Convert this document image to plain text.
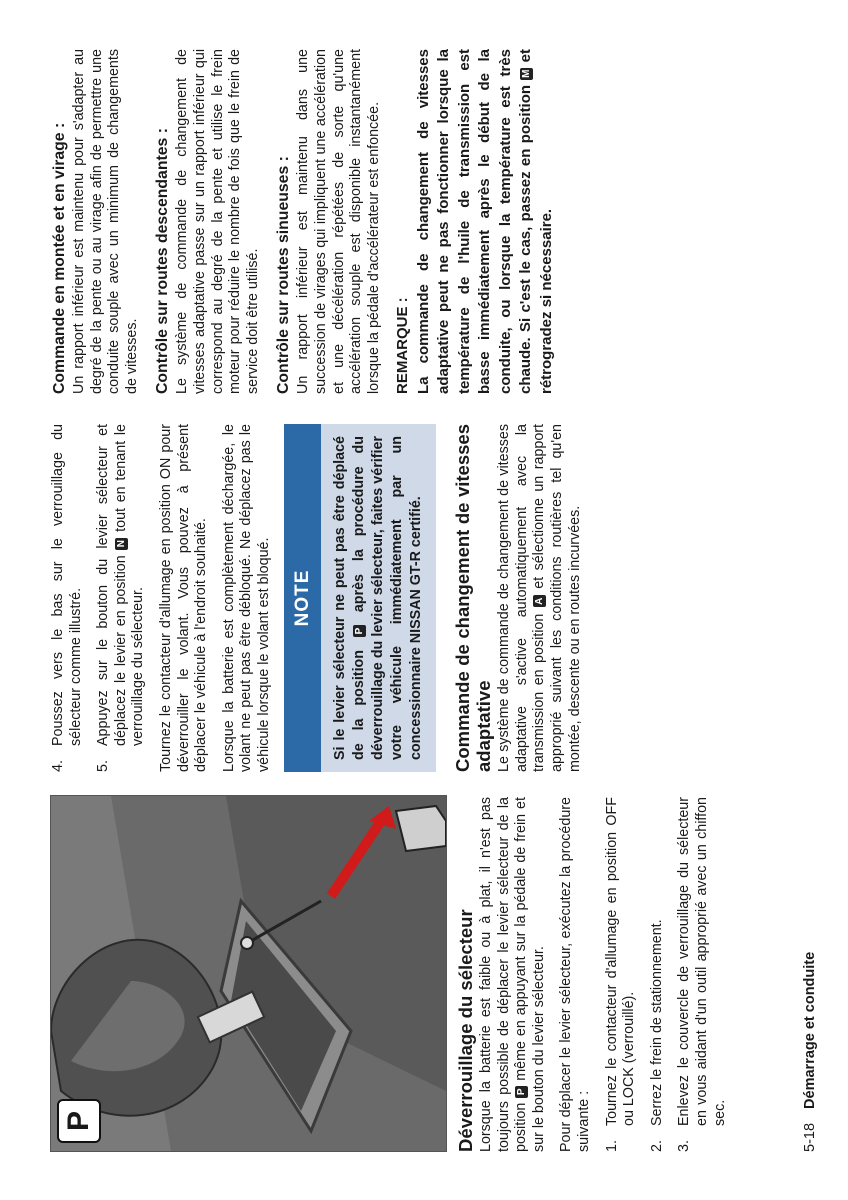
P	Déverrouillage du sélecteur Lorsque la batterie est faible ou à plat, il n'est pas toujours possible de déplacer le levier sélecteur de la position P même en appuyant sur la pédale de frein et sur le bouton du levier sélecteur. Pour déplacer le levier sélecteur, exécutez la procédure suivante : 1.
Tournez le contacteur d'allumage en position OFF ou LOCK (verrouillé).
2.
Serrez le frein de stationnement.
3.
Enlevez le couvercle de verrouillage du sélecteur en vous aidant d'un outil approprié avec un chiffon sec.
4.
Poussez vers le bas sur le verrouillage du sélecteur comme illustré.
5.
Appuyez sur le bouton du levier sélecteur et déplacez le levier en position N tout en tenant le verrouillage du sélecteur. Tournez le contacteur d'allumage en position ON pour déverrouiller le volant. Vous pouvez à présent déplacer le véhicule à l'endroit souhaité. Lorsque la batterie est complètement déchargée, le volant ne peut pas être débloqué. Ne déplacez pas le véhicule lorsque le volant est bloqué.	NOTE	Si le levier sélecteur ne peut pas être déplacé de la position P après la procédure du déverrouillage du levier sélecteur, faites vérifier votre véhicule immédiatement par un concessionnaire NISSAN GT-R certifié.	Commande de changement de vitesses adaptative Le système de commande de changement de vitesses adaptative s'active automatiquement avec la transmission en position A et sélectionne un rapport approprié suivant les conditions routières tel qu'en montée, descente ou en routes incurvées.

Commande en montée et en virage : Un rapport inférieur est maintenu pour s'adapter au degré de la pente ou au virage afin de permettre une conduite souple avec un minimum de changements de vitesses. Contrôle sur routes descendantes : Le système de commande de changement de vitesses adaptative passe sur un rapport inférieur qui correspond au degré de la pente et utilise le frein moteur pour réduire le nombre de fois que le frein de service doit être utilisé. Contrôle sur routes sinueuses : Un rapport inférieur est maintenu dans une succession de virages qui impliquent une accélération et une décélération répétées de sorte qu'une accélération souple est disponible instantanément lorsque la pédale d'accélérateur est enfoncée. REMARQUE : La commande de changement de vitesses adaptative peut ne pas fonctionner lorsque la température de l'huile de transmission est basse immédiatement après le début de la conduite, ou lorsque la température est très chaude. Si c'est le cas, passez en position M et rétrogradez si nécessaire.
5-18 Démarrage et conduite
